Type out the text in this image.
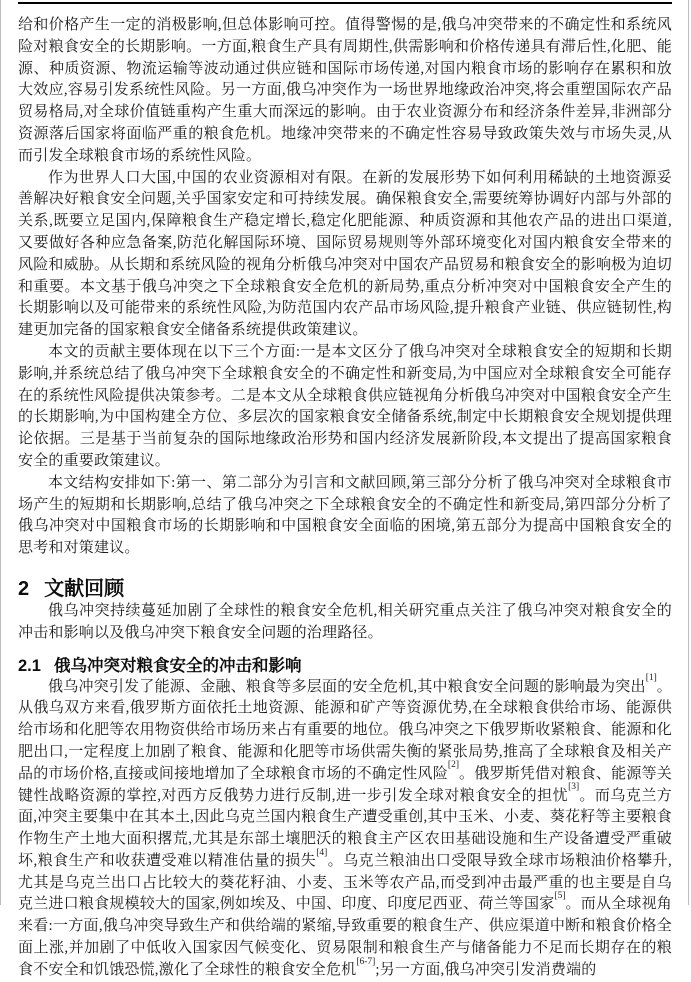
给和价格产生一定的消极影响,但总体影响可控。值得警惕的是,俄乌冲突带来的不确定性和系统风险对粮食安全的长期影响。一方面,粮食生产具有周期性,供需影响和价格传递具有滞后性,化肥、能源、种质资源、物流运输等波动通过供应链和国际市场传递,对国内粮食市场的影响存在累积和放大效应,容易引发系统性风险。另一方面,俄乌冲突作为一场世界地缘政治冲突,将会重塑国际农产品贸易格局,对全球价值链重构产生重大而深远的影响。由于农业资源分布和经济条件差异,非洲部分资源落后国家将面临严重的粮食危机。地缘冲突带来的不确定性容易导致政策失效与市场失灵,从而引发全球粮食市场的系统性风险。

作为世界人口大国,中国的农业资源相对有限。在新的发展形势下如何利用稀缺的土地资源妥善解决好粮食安全问题,关乎国家安定和可持续发展。确保粮食安全,需要统筹协调好内部与外部的关系,既要立足国内,保障粮食生产稳定增长,稳定化肥能源、种质资源和其他农产品的进出口渠道,又要做好各种应急备案,防范化解国际环境、国际贸易规则等外部环境变化对国内粮食安全带来的风险和威胁。从长期和系统风险的视角分析俄乌冲突对中国农产品贸易和粮食安全的影响极为迫切和重要。本文基于俄乌冲突之下全球粮食安全危机的新局势,重点分析冲突对中国粮食安全产生的长期影响以及可能带来的系统性风险,为防范国内农产品市场风险,提升粮食产业链、供应链韧性,构建更加完备的国家粮食安全储备系统提供政策建议。

本文的贡献主要体现在以下三个方面:一是本文区分了俄乌冲突对全球粮食安全的短期和长期影响,并系统总结了俄乌冲突下全球粮食安全的不确定性和新变局,为中国应对全球粮食安全可能存在的系统性风险提供决策参考。二是本文从全球粮食供应链视角分析俄乌冲突对中国粮食安全产生的长期影响,为中国构建全方位、多层次的国家粮食安全储备系统,制定中长期粮食安全规划提供理论依据。三是基于当前复杂的国际地缘政治形势和国内经济发展新阶段,本文提出了提高国家粮食安全的重要政策建议。

本文结构安排如下:第一、第二部分为引言和文献回顾,第三部分分析了俄乌冲突对全球粮食市场产生的短期和长期影响,总结了俄乌冲突之下全球粮食安全的不确定性和新变局,第四部分分析了俄乌冲突对中国粮食市场的长期影响和中国粮食安全面临的困境,第五部分为提高中国粮食安全的思考和对策建议。

2 文献回顾

俄乌冲突持续蔓延加剧了全球性的粮食安全危机,相关研究重点关注了俄乌冲突对粮食安全的冲击和影响以及俄乌冲突下粮食安全问题的治理路径。

2.1 俄乌冲突对粮食安全的冲击和影响

俄乌冲突引发了能源、金融、粮食等多层面的安全危机,其中粮食安全问题的影响最为突出[1]。从俄乌双方来看,俄罗斯方面依托土地资源、能源和矿产等资源优势,在全球粮食供给市场、能源供给市场和化肥等农用物资供给市场历来占有重要的地位。俄乌冲突之下俄罗斯收紧粮食、能源和化肥出口,一定程度上加剧了粮食、能源和化肥等市场供需失衡的紧张局势,推高了全球粮食及相关产品的市场价格,直接或间接地增加了全球粮食市场的不确定性风险[2]。俄罗斯凭借对粮食、能源等关键性战略资源的掌控,对西方反俄势力进行反制,进一步引发全球对粮食安全的担忧[3]。而乌克兰方面,冲突主要集中在其本土,因此乌克兰国内粮食生产遭受重创,其中玉米、小麦、葵花籽等主要粮食作物生产土地大面积撂荒,尤其是东部土壤肥沃的粮食主产区农田基础设施和生产设备遭受严重破坏,粮食生产和收获遭受难以精准估量的损失[4]。乌克兰粮油出口受限导致全球市场粮油价格攀升,尤其是乌克兰出口占比较大的葵花籽油、小麦、玉米等农产品,而受到冲击最严重的也主要是自乌克兰进口粮食规模较大的国家,例如埃及、中国、印度、印度尼西亚、荷兰等国家[5]。而从全球视角来看:一方面,俄乌冲突导致生产和供给端的紧缩,导致重要的粮食生产、供应渠道中断和粮食价格全面上涨,并加剧了中低收入国家因气候变化、贸易限制和粮食生产与储备能力不足而长期存在的粮食不安全和饥饿恐慌,激化了全球性的粮食安全危机[6-7];另一方面,俄乌冲突引发消费端的
